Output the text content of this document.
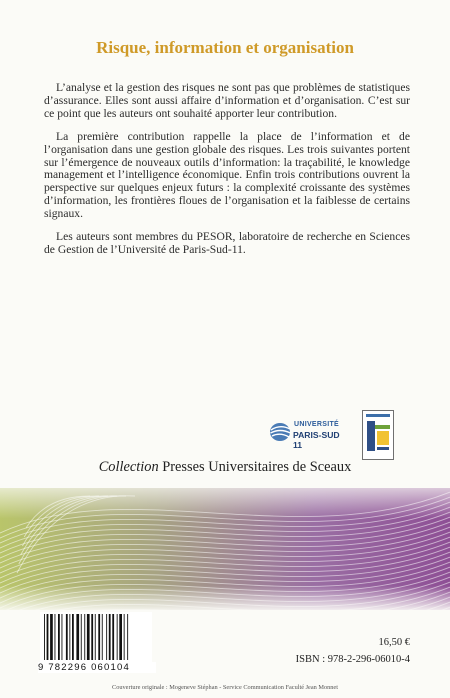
Risque, information et organisation

L’analyse et la gestion des risques ne sont pas que problèmes de statistiques d’assurance. Elles sont aussi affaire d’information et d’organisation. C’est sur ce point que les auteurs ont souhaité apporter leur contribution.

La première contribution rappelle la place de l’information et de l’organisation dans une gestion globale des risques. Les trois suivantes portent sur l’émergence de nouveaux outils d’information: la traçabilité, le knowledge management et l’intelligence économique. Enfin trois contributions ouvrent la perspective sur quelques enjeux futurs : la complexité croissante des systèmes d’information, les frontières floues de l’organisation et la faiblesse de certains signaux.

Les auteurs sont membres du PESOR, laboratoire de recherche en Sciences de Gestion de l’Université de Paris-Sud-11.

UNIVERSITÉ
PARIS-SUD 11
Collection Presses Universitaires de Sceaux
9 782296 060104
16,50 €
ISBN : 978-2-296-06010-4
Couverture originale : Mogeneve Stéphan - Service Communication Faculté Jean Monnet
